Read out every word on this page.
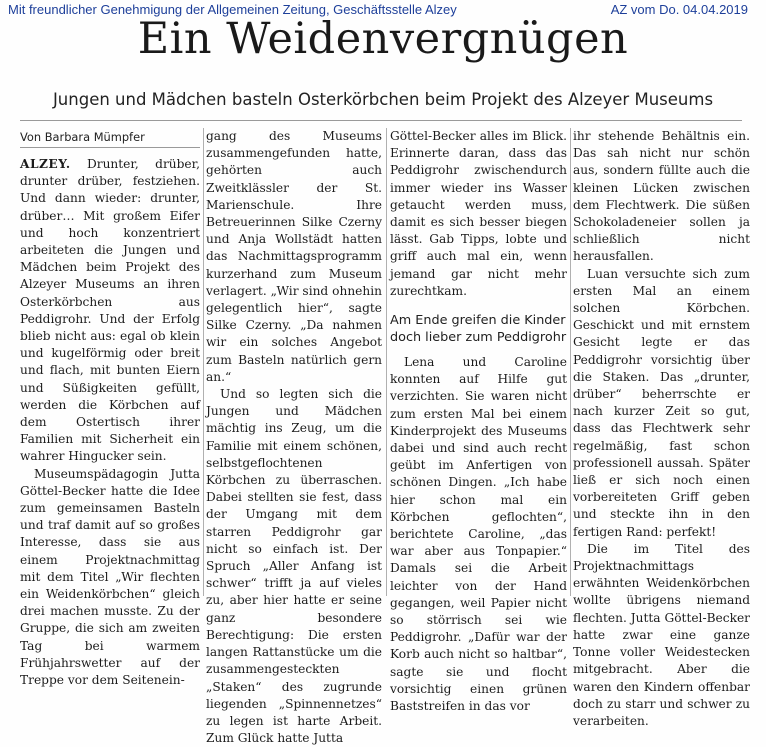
Mit freundlicher Genehmigung der Allgemeinen Zeitung, Geschäftsstelle Alzey	AZ vom Do. 04.04.2019
Ein Weidenvergnügen
Jungen und Mädchen basteln Osterkörbchen beim Projekt des Alzeyer Museums
Von Barbara Mümpfer

ALZEY. Drunter, drüber, drunter drüber, festziehen. Und dann wieder: drunter, drüber… Mit großem Eifer und hoch konzentriert arbeiteten die Jungen und Mädchen beim Projekt des Alzeyer Museums an ihren Osterkörbchen aus Peddigrohr. Und der Erfolg blieb nicht aus: egal ob klein und kugelförmig oder breit und flach, mit bunten Eiern und Süßigkeiten gefüllt, werden die Körbchen auf dem Ostertisch ihrer Familien mit Sicherheit ein wahrer Hingucker sein.

Museumspädagogin Jutta Göttel-Becker hatte die Idee zum gemeinsamen Basteln und traf damit auf so großes Interesse, dass sie aus einem Projektnachmittag mit dem Titel „Wir flechten ein Weidenkörbchen“ gleich drei machen musste. Zu der Gruppe, die sich am zweiten Tag bei warmem Frühjahrswetter auf der Treppe vor dem Seitenein-

gang des Museums zusammengefunden hatte, gehörten auch Zweitklässler der St. Marienschule. Ihre Betreuerinnen Silke Czerny und Anja Wollstädt hatten das Nachmittagsprogramm kurzerhand zum Museum verlagert. „Wir sind ohnehin gelegentlich hier“, sagte Silke Czerny. „Da nahmen wir ein solches Angebot zum Basteln natürlich gern an.“

Und so legten sich die Jungen und Mädchen mächtig ins Zeug, um die Familie mit einem schönen, selbstgeflochtenen Körbchen zu überraschen. Dabei stellten sie fest, dass der Umgang mit dem starren Peddigrohr gar nicht so einfach ist. Der Spruch „Aller Anfang ist schwer“ trifft ja auf vieles zu, aber hier hatte er seine ganz besondere Berechtigung: Die ersten langen Rattanstücke um die zusammengesteckten „Staken“ des zugrunde liegenden „Spinnennetzes“ zu legen ist harte Arbeit. Zum Glück hatte Jutta

Göttel-Becker alles im Blick. Erinnerte daran, dass das Peddigrohr zwischendurch immer wieder ins Wasser getaucht werden muss, damit es sich besser biegen lässt. Gab Tipps, lobte und griff auch mal ein, wenn jemand gar nicht mehr zurechtkam.

Am Ende greifen die Kinder doch lieber zum Peddigrohr

Lena und Caroline konnten auf Hilfe gut verzichten. Sie waren nicht zum ersten Mal bei einem Kinderprojekt des Museums dabei und sind auch recht geübt im Anfertigen von schönen Dingen. „Ich habe hier schon mal ein Körbchen geflochten“, berichtete Caroline, „das war aber aus Tonpapier.“ Damals sei die Arbeit leichter von der Hand gegangen, weil Papier nicht so störrisch sei wie Peddigrohr. „Dafür war der Korb auch nicht so haltbar“, sagte sie und flocht vorsichtig einen grünen Baststreifen in das vor

ihr stehende Behältnis ein. Das sah nicht nur schön aus, sondern füllte auch die kleinen Lücken zwischen dem Flechtwerk. Die süßen Schokoladeneier sollen ja schließlich nicht herausfallen.

Luan versuchte sich zum ersten Mal an einem solchen Körbchen. Geschickt und mit ernstem Gesicht legte er das Peddigrohr vorsichtig über die Staken. Das „drunter, drüber“ beherrschte er nach kurzer Zeit so gut, dass das Flechtwerk sehr regelmäßig, fast schon professionell aussah. Später ließ er sich noch einen vorbereiteten Griff geben und steckte ihn in den fertigen Rand: perfekt!

Die im Titel des Projektnachmittags erwähnten Weidenkörbchen wollte übrigens niemand flechten. Jutta Göttel-Becker hatte zwar eine ganze Tonne voller Weidestecken mitgebracht. Aber die waren den Kindern offenbar doch zu starr und schwer zu verarbeiten.
